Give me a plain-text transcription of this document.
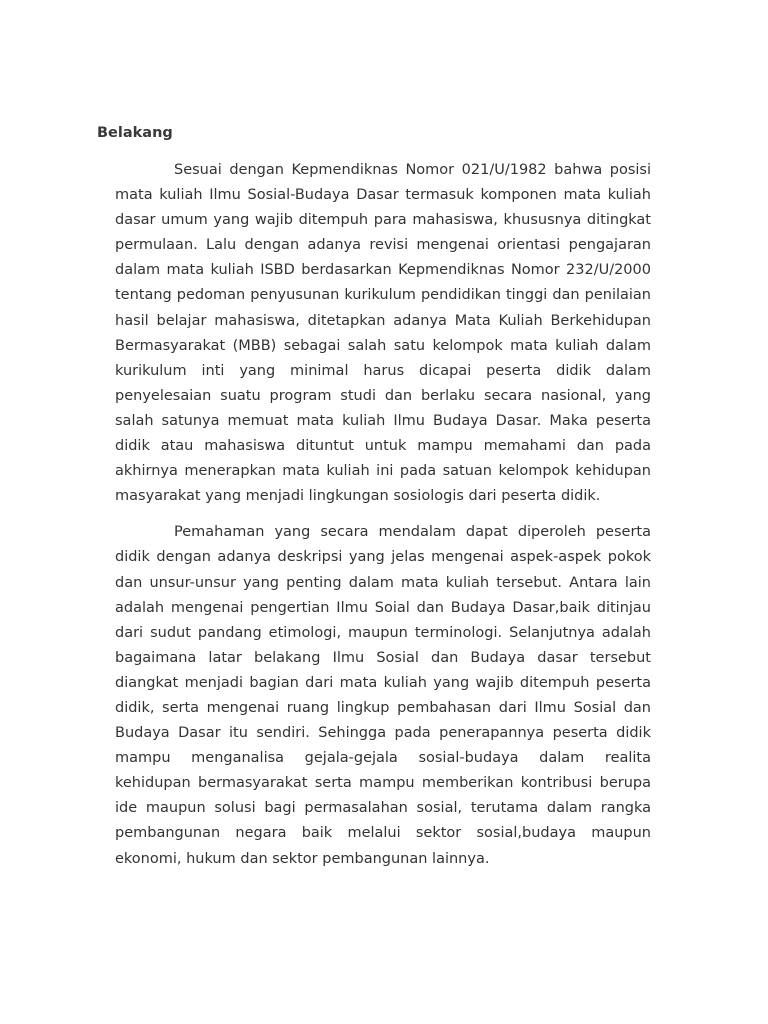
Belakang

Sesuai dengan Kepmendiknas Nomor 021/U/1982 bahwa posisi mata kuliah Ilmu Sosial-Budaya Dasar termasuk komponen mata kuliah dasar umum yang wajib ditempuh para mahasiswa, khususnya ditingkat permulaan. Lalu dengan adanya revisi mengenai orientasi pengajaran dalam mata kuliah ISBD berdasarkan Kepmendiknas Nomor 232/U/2000 tentang pedoman penyusunan kurikulum pendidikan tinggi dan penilaian hasil belajar mahasiswa, ditetapkan adanya Mata Kuliah Berkehidupan Bermasyarakat (MBB) sebagai salah satu kelompok mata kuliah dalam kurikulum inti yang minimal harus dicapai peserta didik dalam penyelesaian suatu program studi dan berlaku secara nasional, yang salah satunya memuat mata kuliah Ilmu Budaya Dasar. Maka peserta didik atau mahasiswa dituntut untuk mampu memahami dan pada akhirnya menerapkan mata kuliah ini pada satuan kelompok kehidupan masyarakat yang menjadi lingkungan sosiologis dari peserta didik.

Pemahaman yang secara mendalam dapat diperoleh peserta didik dengan adanya deskripsi yang jelas mengenai aspek-aspek pokok dan unsur-unsur yang penting dalam mata kuliah tersebut. Antara lain adalah mengenai pengertian Ilmu Soial dan Budaya Dasar,baik ditinjau dari sudut pandang etimologi, maupun terminologi. Selanjutnya adalah bagaimana latar belakang Ilmu Sosial dan Budaya dasar tersebut diangkat menjadi bagian dari mata kuliah yang wajib ditempuh peserta didik, serta mengenai ruang lingkup pembahasan dari Ilmu Sosial dan Budaya Dasar itu sendiri. Sehingga pada penerapannya peserta didik mampu menganalisa gejala-gejala sosial-budaya dalam realita kehidupan bermasyarakat serta mampu memberikan kontribusi berupa ide maupun solusi bagi permasalahan sosial, terutama dalam rangka pembangunan negara baik melalui sektor sosial,budaya maupun ekonomi, hukum dan sektor pembangunan lainnya.
